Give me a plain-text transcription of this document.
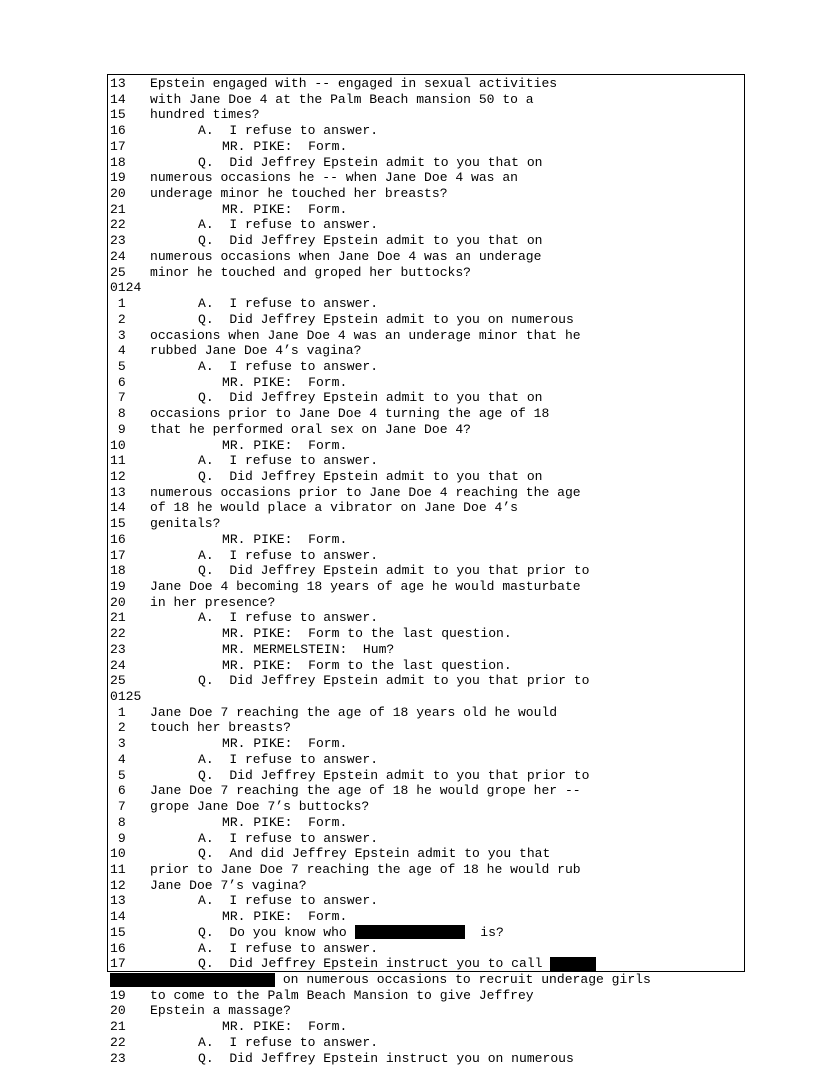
13 Epstein engaged with -- engaged in sexual activities
14 with Jane Doe 4 at the Palm Beach mansion 50 to a
15 hundred times?
16	A.  I refuse to answer.
17	MR. PIKE:  Form.
18	Q.  Did Jeffrey Epstein admit to you that on
19 numerous occasions he -- when Jane Doe 4 was an
20 underage minor he touched her breasts?
21	MR. PIKE:  Form.
22	A.  I refuse to answer.
23	Q.  Did Jeffrey Epstein admit to you that on
24 numerous occasions when Jane Doe 4 was an underage
25 minor he touched and groped her buttocks?
0124
1	A.  I refuse to answer.
2	Q.  Did Jeffrey Epstein admit to you on numerous
3 occasions when Jane Doe 4 was an underage minor that he
4 rubbed Jane Doe 4’s vagina?
5	A.  I refuse to answer.
6	MR. PIKE:  Form.
7	Q.  Did Jeffrey Epstein admit to you that on
8 occasions prior to Jane Doe 4 turning the age of 18
9 that he performed oral sex on Jane Doe 4?
10	MR. PIKE:  Form.
11	A.  I refuse to answer.
12	Q.  Did Jeffrey Epstein admit to you that on
13 numerous occasions prior to Jane Doe 4 reaching the age
14 of 18 he would place a vibrator on Jane Doe 4’s
15 genitals?
16	MR. PIKE:  Form.
17	A.  I refuse to answer.
18	Q.  Did Jeffrey Epstein admit to you that prior to
19 Jane Doe 4 becoming 18 years of age he would masturbate
20 in her presence?
21	A.  I refuse to answer.
22	MR. PIKE:  Form to the last question.
23	MR. MERMELSTEIN:  Hum?
24	MR. PIKE:  Form to the last question.
25	Q.  Did Jeffrey Epstein admit to you that prior to
0125
1 Jane Doe 7 reaching the age of 18 years old he would
2 touch her breasts?
3	MR. PIKE:  Form.
4	A.  I refuse to answer.
5	Q.  Did Jeffrey Epstein admit to you that prior to
6 Jane Doe 7 reaching the age of 18 he would grope her --
7 grope Jane Doe 7’s buttocks?
8	MR. PIKE:  Form.
9	A.  I refuse to answer.
10	Q.  And did Jeffrey Epstein admit to you that
11 prior to Jane Doe 7 reaching the age of 18 he would rub
12 Jane Doe 7’s vagina?
13	A.  I refuse to answer.
14	MR. PIKE:  Form.
15	Q.  Do you know who	is?
16	A.  I refuse to answer.
17	Q.  Did Jeffrey Epstein instruct you to call
on numerous occasions to recruit underage girls
19 to come to the Palm Beach Mansion to give Jeffrey
20 Epstein a massage?
21	MR. PIKE:  Form.
22	A.  I refuse to answer.
23	Q.  Did Jeffrey Epstein instruct you on numerous
